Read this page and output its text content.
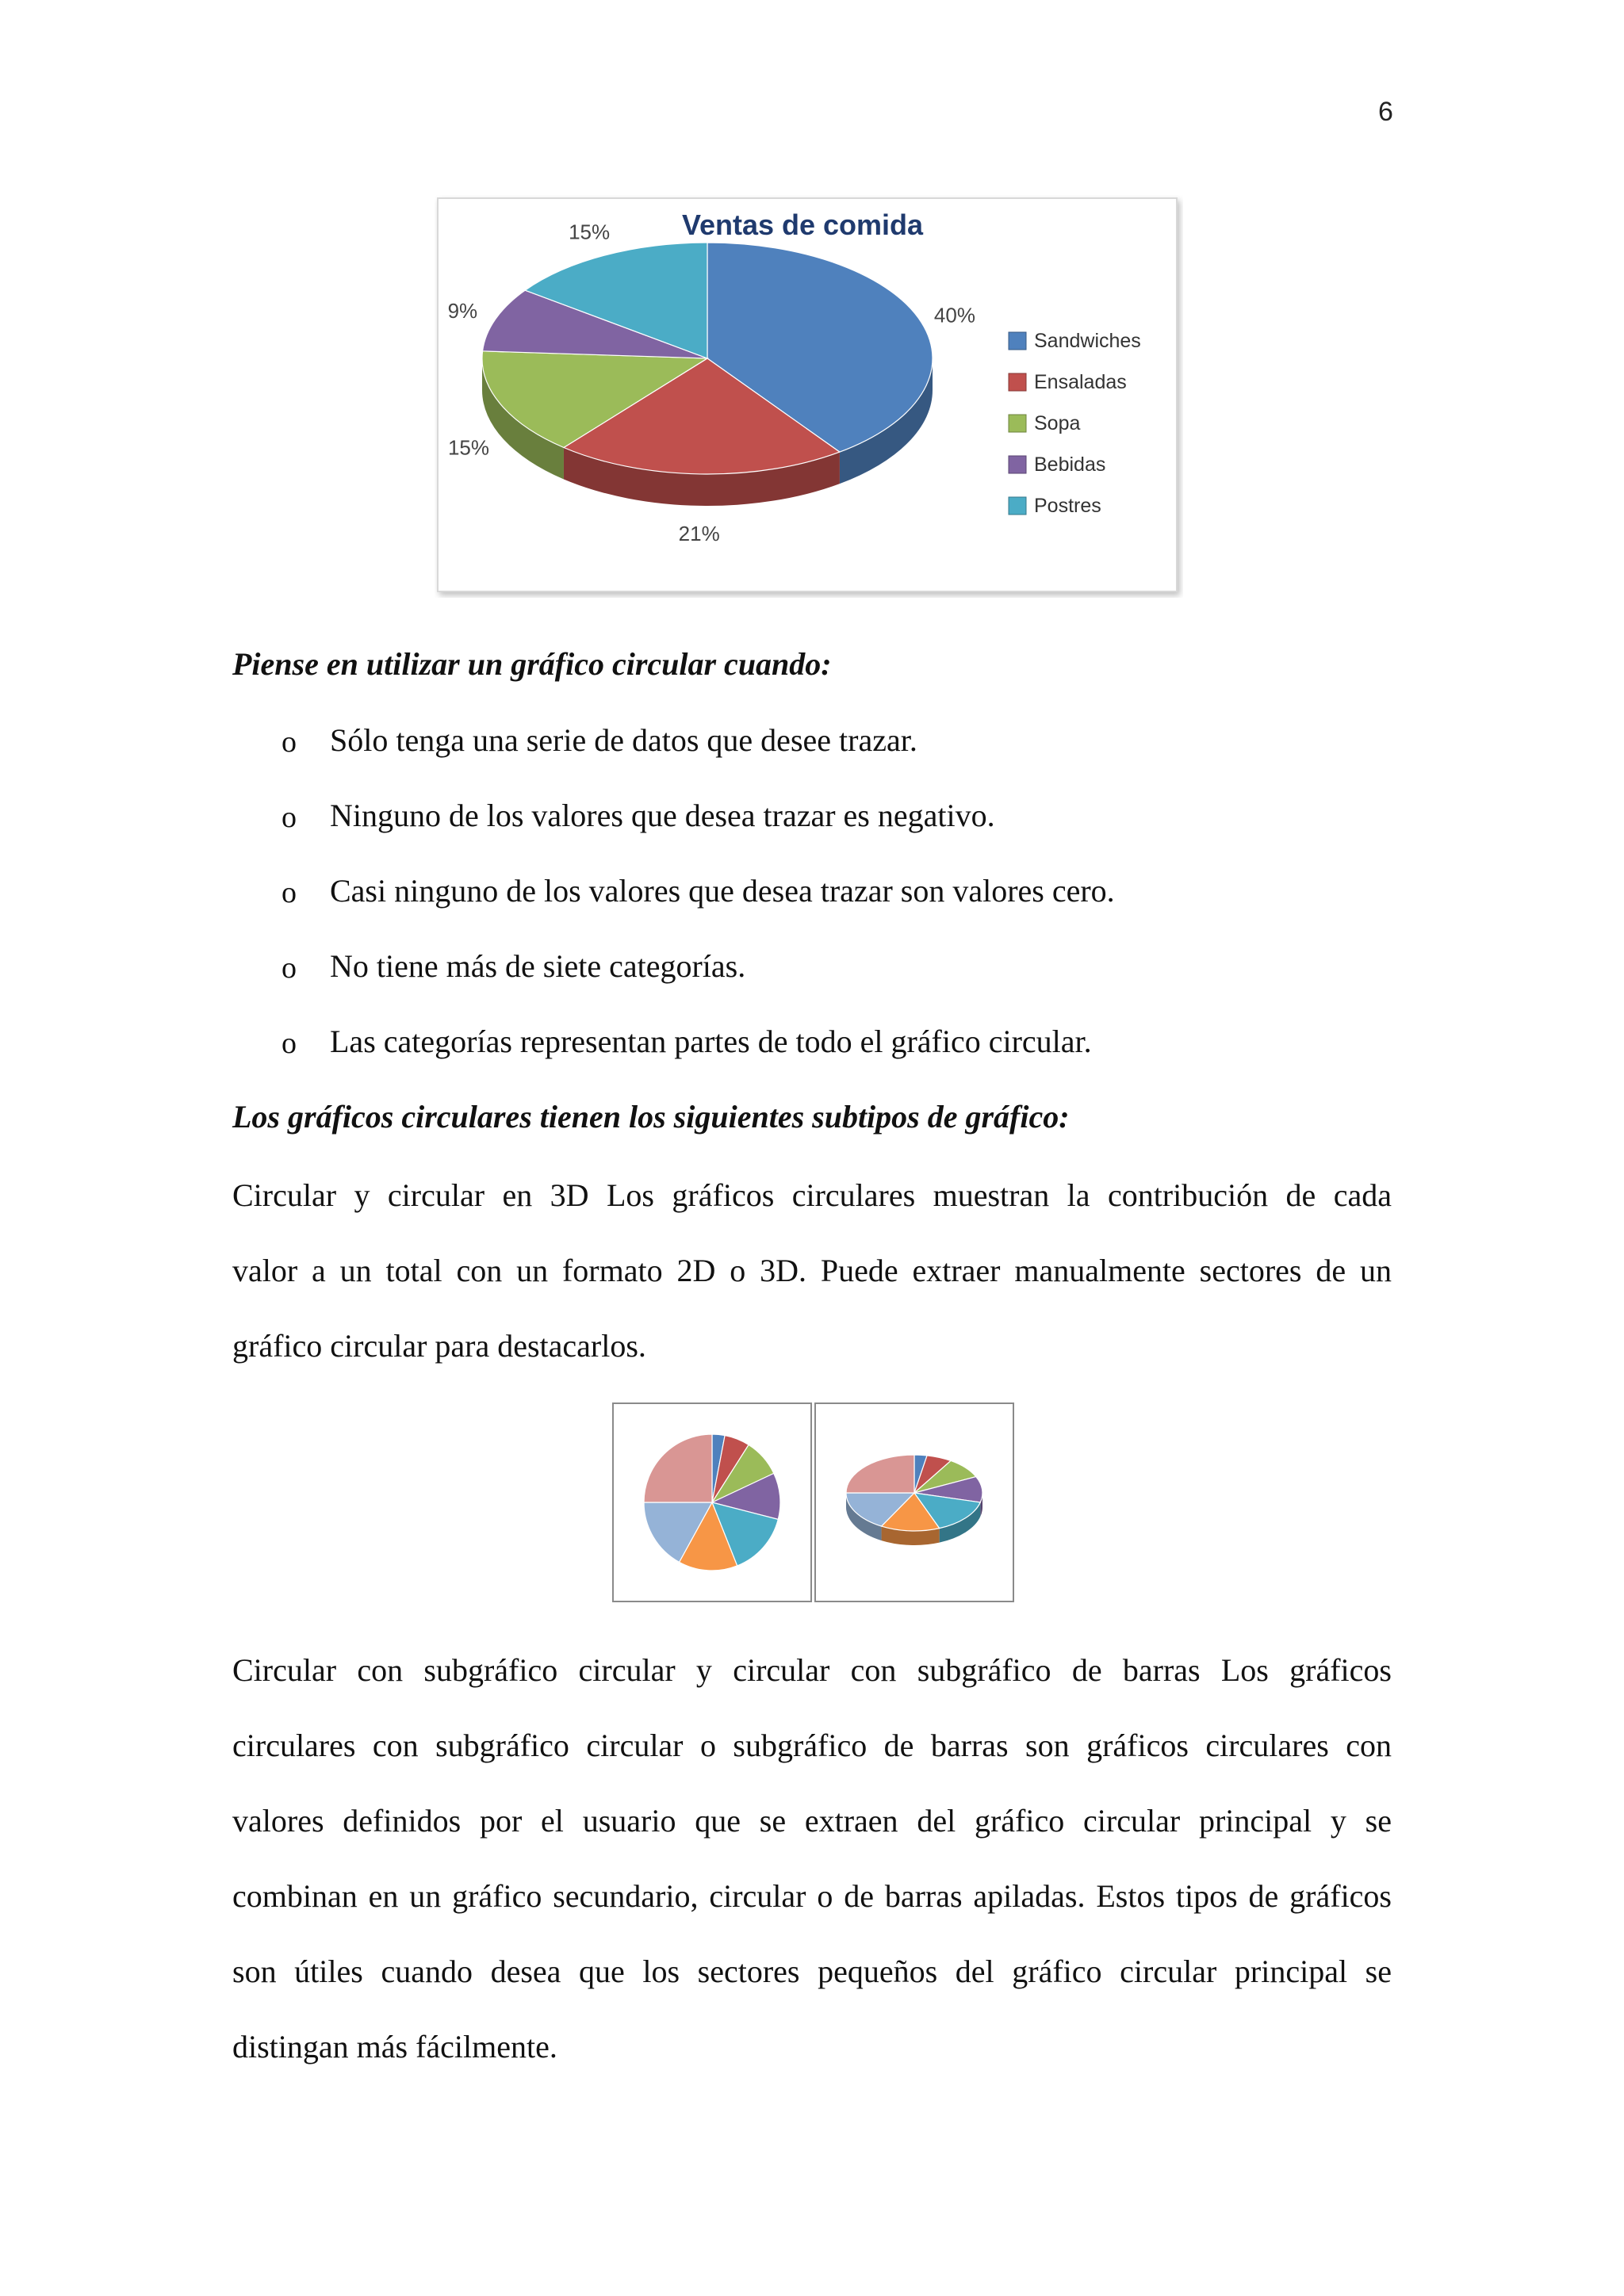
6
Ventas de comida
40%
21%
15%
9%
15%
Sandwiches
Ensaladas
Sopa
Bebidas
Postres
Piense en utilizar un gráfico circular cuando:
o Sólo tenga una serie de datos que desee trazar.
o Ninguno de los valores que desea trazar es negativo.
o Casi ninguno de los valores que desea trazar son valores cero.
o No tiene más de siete categorías.
o Las categorías representan partes de todo el gráfico circular.
Los gráficos circulares tienen los siguientes subtipos de gráfico:
Circular y circular en 3D Los gráficos circulares muestran la contribución de cada
valor a un total con un formato 2D o 3D. Puede extraer manualmente sectores de un
gráfico circular para destacarlos.
Circular con subgráfico circular y circular con subgráfico de barras Los gráficos
circulares con subgráfico circular o subgráfico de barras son gráficos circulares con
valores definidos por el usuario que se extraen del gráfico circular principal y se
combinan en un gráfico secundario, circular o de barras apiladas. Estos tipos de gráficos
son útiles cuando desea que los sectores pequeños del gráfico circular principal se
distingan más fácilmente.
